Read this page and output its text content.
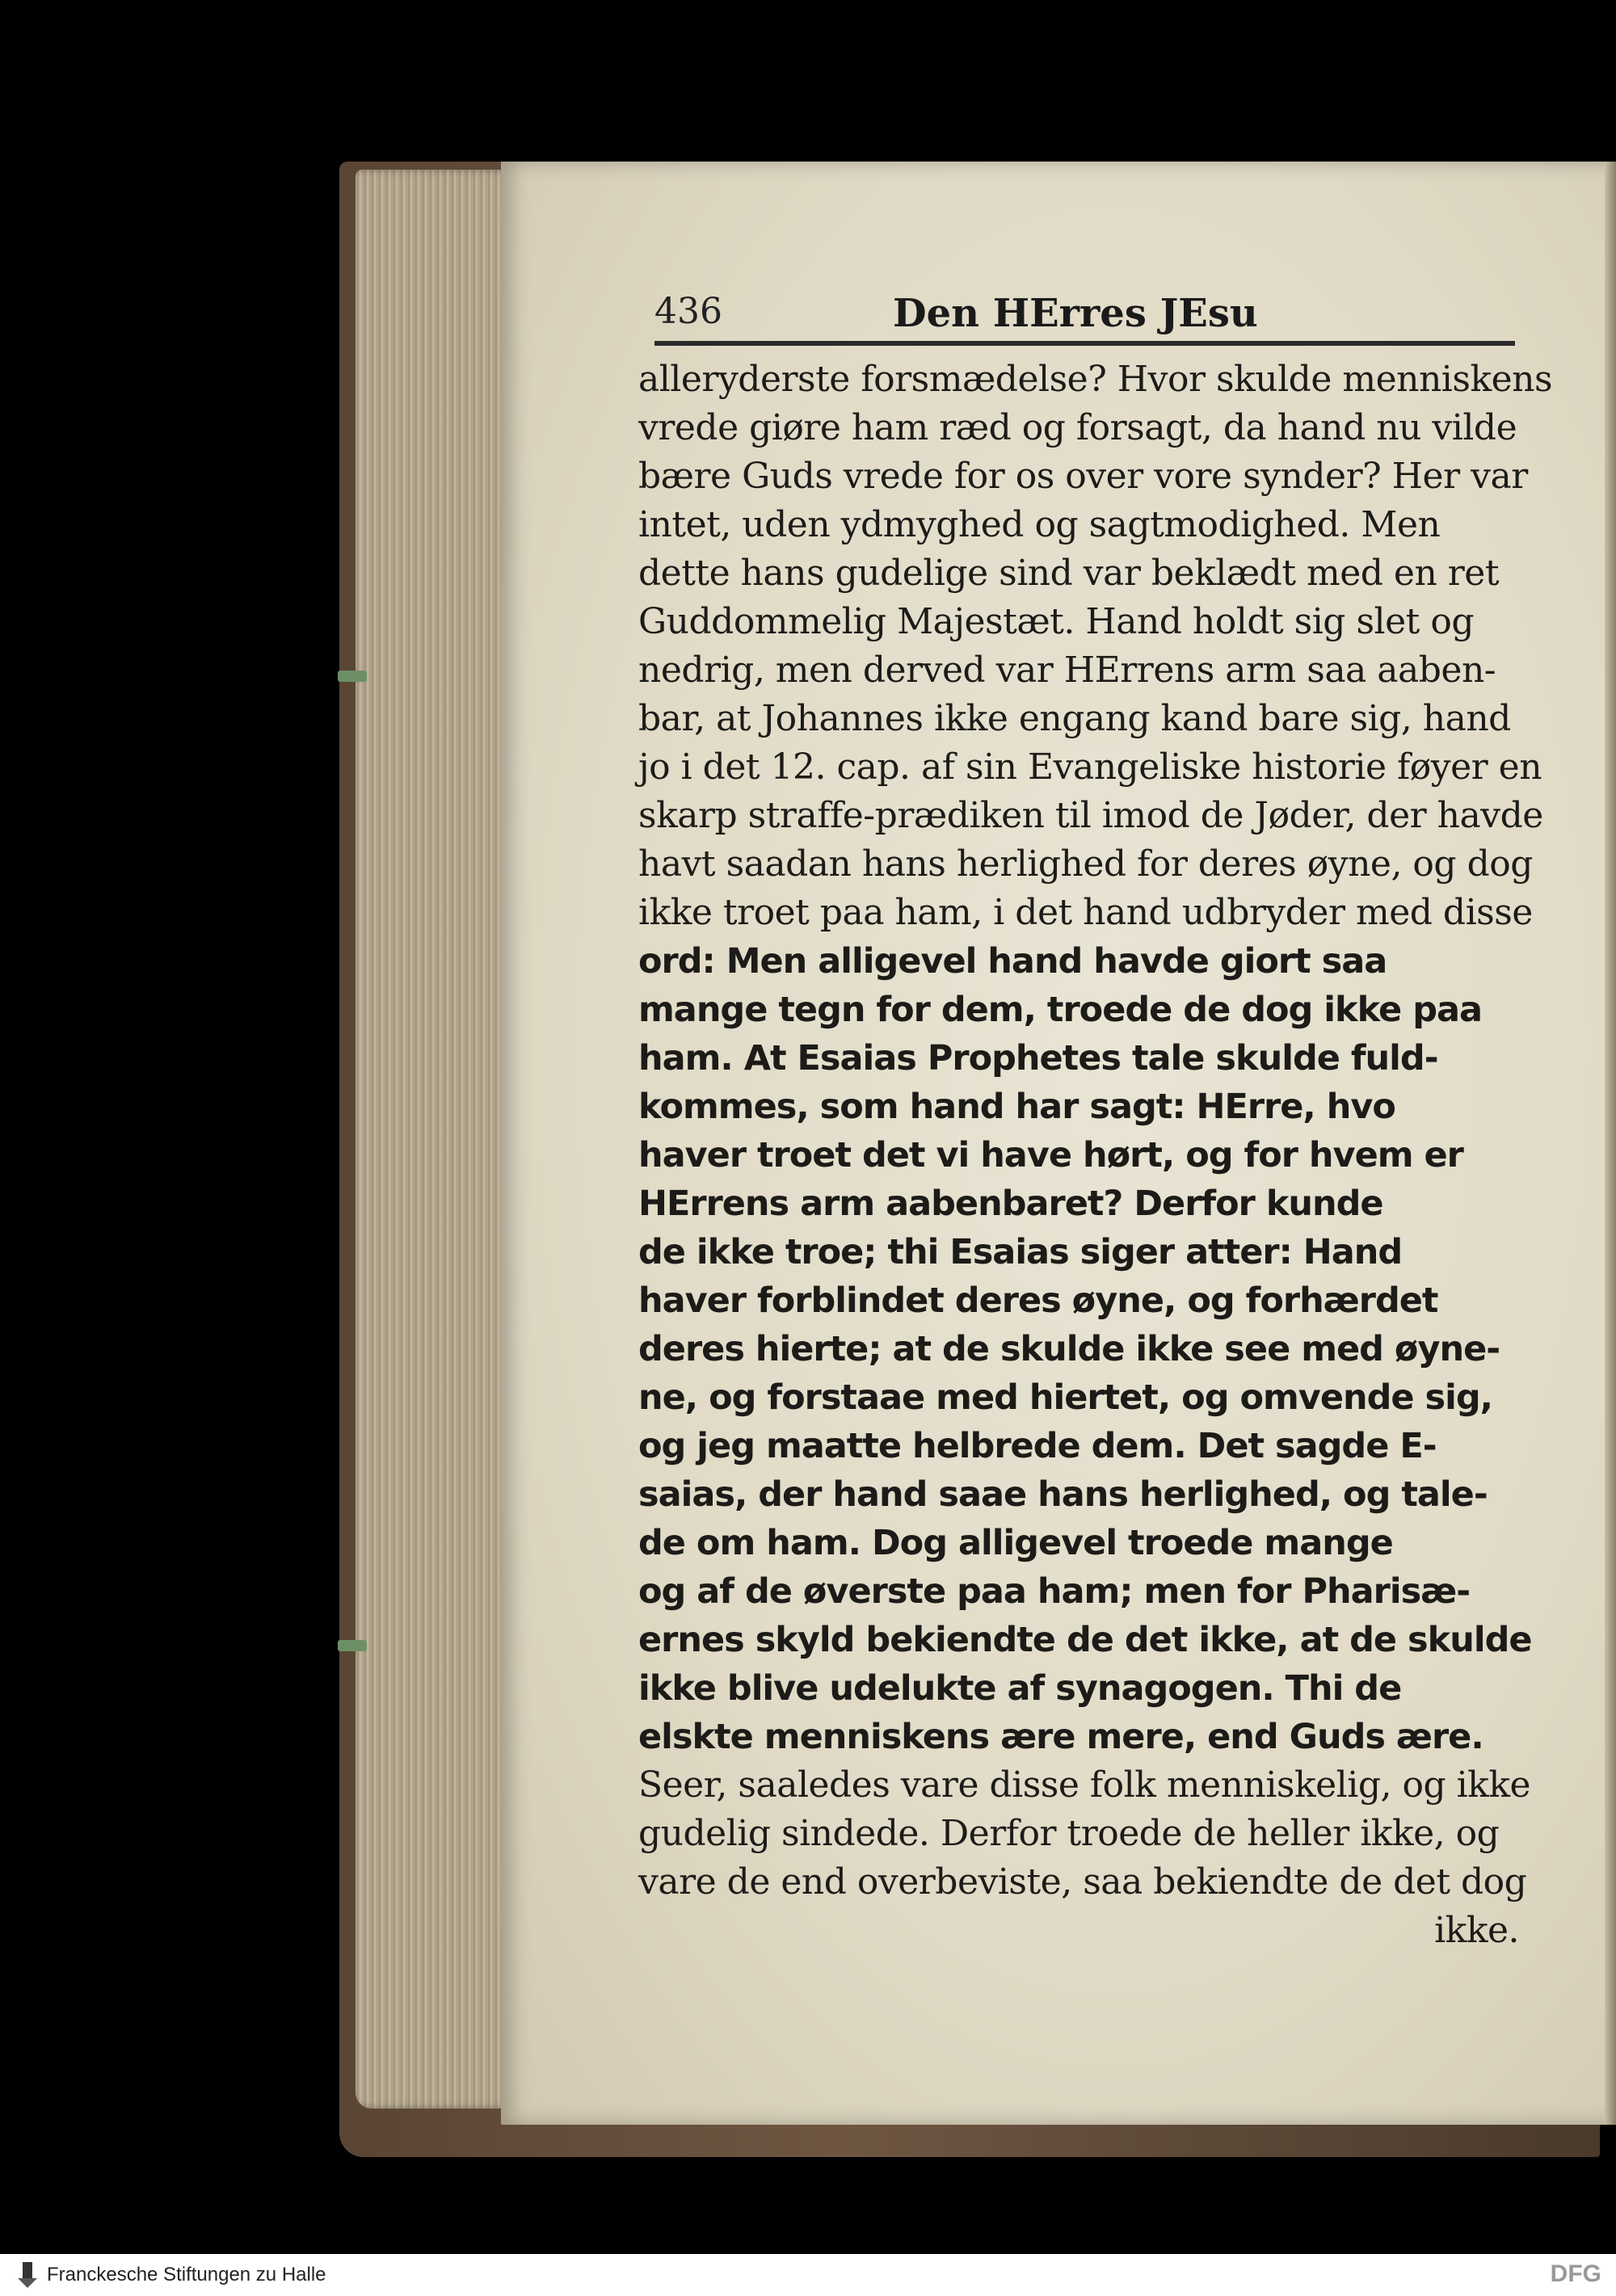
436	Den HErres JEsu
alleryderste forsmædelse? Hvor skulde menniskens
vrede giøre ham ræd og forsagt, da hand nu vilde
bære Guds vrede for os over vore synder? Her var
intet, uden ydmyghed og sagtmodighed. Men
dette hans gudelige sind var beklædt med en ret
Guddommelig Majestæt. Hand holdt sig slet og
nedrig, men derved var HErrens arm saa aaben-
bar, at Johannes ikke engang kand bare sig, hand
jo i det 12. cap. af sin Evangeliske historie føyer en
skarp straffe-prædiken til imod de Jøder, der havde
havt saadan hans herlighed for deres øyne, og dog
ikke troet paa ham, i det hand udbryder med disse
ord: Men alligevel hand havde giort saa
mange tegn for dem, troede de dog ikke paa
ham. At Esaias Prophetes tale skulde fuld-
kommes, som hand har sagt: HErre, hvo
haver troet det vi have hørt, og for hvem er
HErrens arm aabenbaret? Derfor kunde
de ikke troe; thi Esaias siger atter: Hand
haver forblindet deres øyne, og forhærdet
deres hierte; at de skulde ikke see med øyne-
ne, og forstaae med hiertet, og omvende sig,
og jeg maatte helbrede dem. Det sagde E-
saias, der hand saae hans herlighed, og tale-
de om ham. Dog alligevel troede mange
og af de øverste paa ham; men for Pharisæ-
ernes skyld bekiendte de det ikke, at de skulde
ikke blive udelukte af synagogen. Thi de
elskte menniskens ære mere, end Guds ære.
Seer, saaledes vare disse folk menniskelig, og ikke
gudelig sindede. Derfor troede de heller ikke, og
vare de end overbeviste, saa bekiendte de det dog
ikke.
Franckesche Stiftungen zu Halle	DFG
